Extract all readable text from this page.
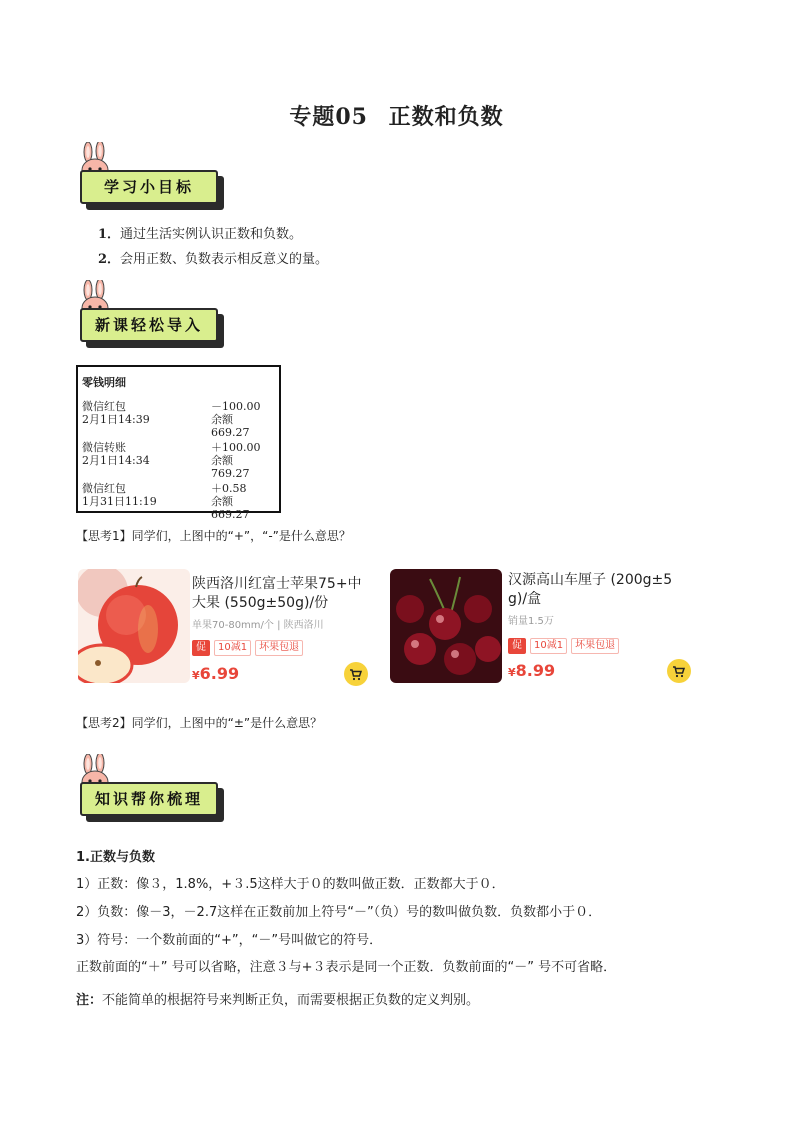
专题05 正数和负数
学习小目标
1．通过生活实例认识正数和负数。
2．会用正数、负数表示相反意义的量。
新课轻松导入
零钱明细
微信红包
2月1日14:39
－100.00
余额669.27
微信转账
2月1日14:34
＋100.00
余额769.27
微信红包
1月31日11:19
＋0.58
余额669.27
【思考1】同学们，上图中的“+”，“-”是什么意思？
陕西洛川红富士苹果75+中
大果 (550g±50g)/份
单果70-80mm/个 | 陕西洛川
促 10减1 坏果包退
¥6.99
汉源高山车厘子 (200g±5
g)/盒
销量1.5万
促 10减1 坏果包退
¥8.99
【思考2】同学们，上图中的“±”是什么意思？
知识帮你梳理
1.正数与负数
1）正数：像３，1.8%，+３.5这样大于０的数叫做正数．正数都大于０．
2）负数：像－3，－2.7这样在正数前加上符号“－”（负）号的数叫做负数．负数都小于０．
3）符号：一个数前面的“+”，“－”号叫做它的符号．
正数前面的“＋” 号可以省略，注意３与+３表示是同一个正数．负数前面的“－” 号不可省略．
注：不能简单的根据符号来判断正负，而需要根据正负数的定义判别。
